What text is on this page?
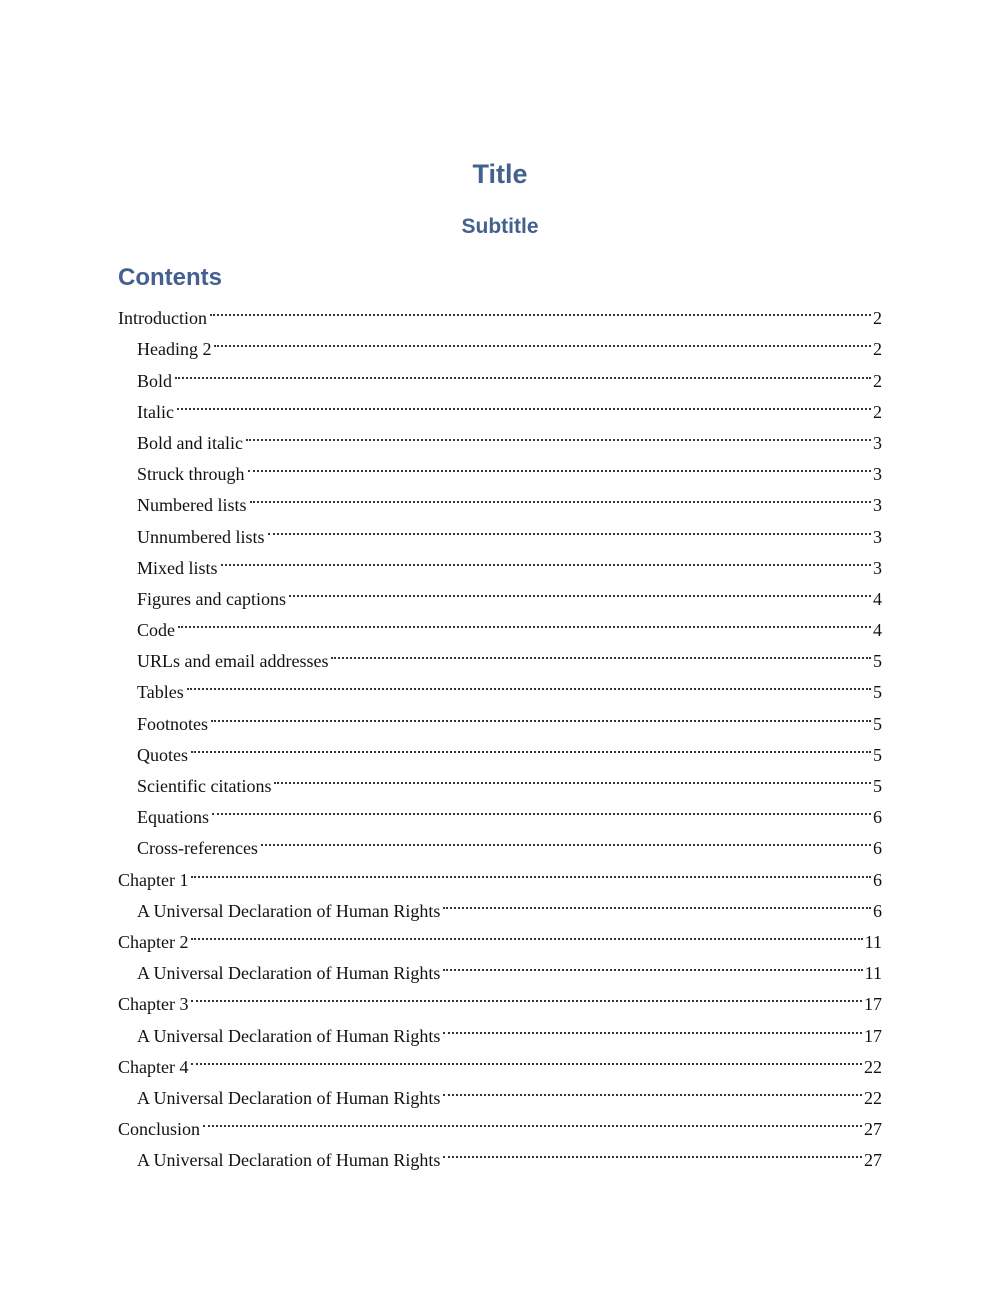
Title
Subtitle
Contents
Introduction	2
Heading 2	2
Bold	2
Italic	2
Bold and italic	3
Struck through	3
Numbered lists	3
Unnumbered lists	3
Mixed lists	3
Figures and captions	4
Code	4
URLs and email addresses	5
Tables	5
Footnotes	5
Quotes	5
Scientific citations	5
Equations	6
Cross-references	6
Chapter 1	6
A Universal Declaration of Human Rights	6
Chapter 2	11
A Universal Declaration of Human Rights	11
Chapter 3	17
A Universal Declaration of Human Rights	17
Chapter 4	22
A Universal Declaration of Human Rights	22
Conclusion	27
A Universal Declaration of Human Rights	27
